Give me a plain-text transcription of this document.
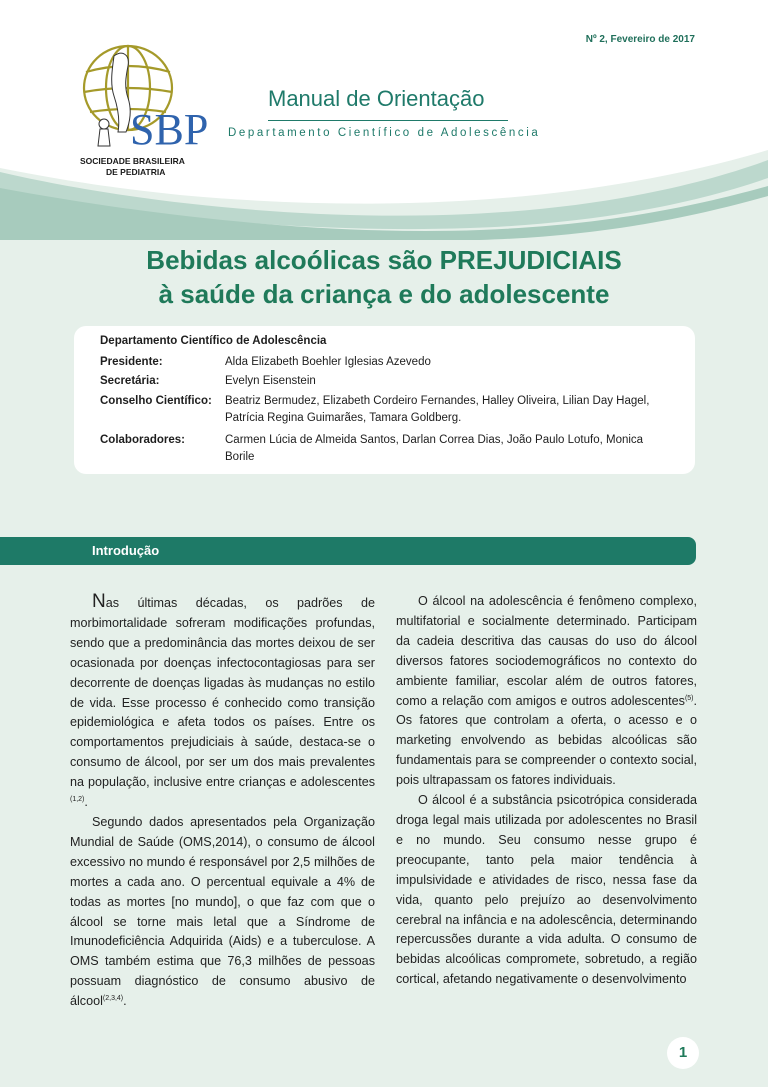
Nº 2, Fevereiro de 2017
SBP
SOCIEDADE BRASILEIRA
DE PEDIATRIA
Manual de Orientação
Departamento Científico de Adolescência
Bebidas alcoólicas são PREJUDICIAIS
à saúde da criança e do adolescente
Departamento Científico de Adolescência
Presidente:	Alda Elizabeth Boehler Iglesias Azevedo
Secretária:	Evelyn Eisenstein
Conselho Científico:	Beatriz Bermudez, Elizabeth Cordeiro Fernandes, Halley Oliveira, Lilian Day Hagel, Patrícia Regina Guimarães, Tamara Goldberg.
Colaboradores:	Carmen Lúcia de Almeida Santos, Darlan Correa Dias, João Paulo Lotufo, Monica Borile
Introdução

Nas últimas décadas, os padrões de morbimortalidade sofreram modificações profundas, sendo que a predominância das mortes deixou de ser ocasionada por doenças infectocontagiosas para ser decorrente de doenças ligadas às mudanças no estilo de vida. Esse processo é conhecido como transição epidemiológica e afeta todos os países. Entre os comportamentos prejudiciais à saúde, destaca-se o consumo de álcool, por ser um dos mais prevalentes na população, inclusive entre crianças e adolescentes $^{(1,2)}$.

Segundo dados apresentados pela Organização Mundial de Saúde (OMS,2014), o consumo de álcool excessivo no mundo é responsável por 2,5 milhões de mortes a cada ano. O percentual equivale a 4% de todas as mortes [no mundo], o que faz com que o álcool se torne mais letal que a Síndrome de Imunodeficiência Adquirida (Aids) e a tuberculose. A OMS também estima que 76,3 milhões de pessoas possuam diagnóstico de consumo abusivo de álcool$^{(2,3,4)}$.

O álcool na adolescência é fenômeno complexo, multifatorial e socialmente determinado. Participam da cadeia descritiva das causas do uso do álcool diversos fatores sociodemográficos no contexto do ambiente familiar, escolar além de outros fatores, como a relação com amigos e outros adolescentes$^{(5)}$. Os fatores que controlam a oferta, o acesso e o marketing envolvendo as bebidas alcoólicas são fundamentais para se compreender o contexto social, pois ultrapassam os fatores individuais.

O álcool é a substância psicotrópica considerada droga legal mais utilizada por adolescentes no Brasil e no mundo. Seu consumo nesse grupo é preocupante, tanto pela maior tendência à impulsividade e atividades de risco, nessa fase da vida, quanto pelo prejuízo ao desenvolvimento cerebral na infância e na adolescência, determinando repercussões durante a vida adulta. O consumo de bebidas alcoólicas compromete, sobretudo, a região cortical, afetando negativamente o desenvolvimento

1
